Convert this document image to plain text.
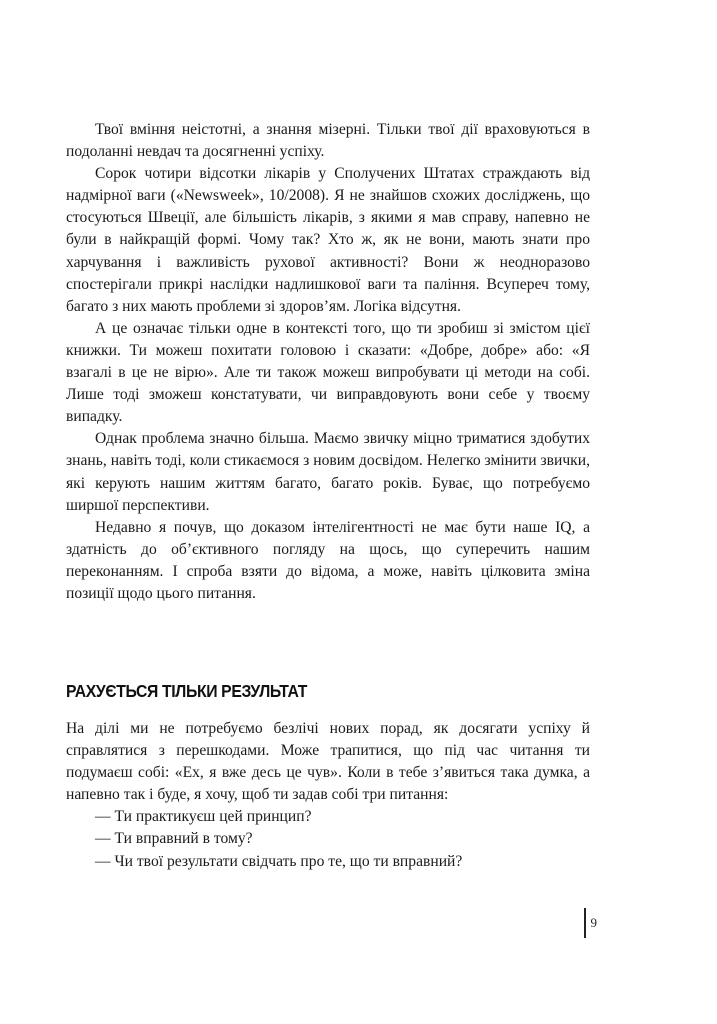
Твої вміння неістотні, а знання мізерні. Тільки твої дії враховуються в подоланні невдач та досягненні успіху.

Сорок чотири відсотки лікарів у Сполучених Штатах страждають від надмірної ваги («Newsweek», 10/2008). Я не знайшов схожих досліджень, що стосуються Швеції, але більшість лікарів, з якими я мав справу, напевно не були в найкращій формі. Чому так? Хто ж, як не вони, мають знати про харчування і важливість рухової активності? Вони ж неодноразово спостерігали прикрі наслідки надлишкової ваги та паління. Всупереч тому, багато з них мають проблеми зі здоров’ям. Логіка відсутня.

А це означає тільки одне в контексті того, що ти зробиш зі змістом цієї книжки. Ти можеш похитати головою і сказати: «Добре, добре» або: «Я взагалі в це не вірю». Але ти також можеш випробувати ці методи на собі. Лише тоді зможеш констатувати, чи виправдовують вони себе у твоєму випадку.

Однак проблема значно більша. Маємо звичку міцно триматися здобутих знань, навіть тоді, коли стикаємося з новим досвідом. Нелегко змінити звички, які керують нашим життям багато, багато років. Буває, що потребуємо ширшої перспективи.

Недавно я почув, що доказом інтелігентності не має бути наше IQ, а здатність до об’єктивного погляду на щось, що суперечить нашим переконанням. І спроба взяти до відома, а може, навіть цілковита зміна позиції щодо цього питання.

РАХУЄТЬСЯ ТІЛЬКИ РЕЗУЛЬТАТ

На ділі ми не потребуємо безлічі нових порад, як досягати успіху й справлятися з перешкодами. Може трапитися, що під час читання ти подумаєш собі: «Ех, я вже десь це чув». Коли в тебе з’явиться така думка, а напевно так і буде, я хочу, щоб ти задав собі три питання:

— Ти практикуєш цей принцип?

— Ти вправний в тому?

— Чи твої результати свідчать про те, що ти вправний?

9
